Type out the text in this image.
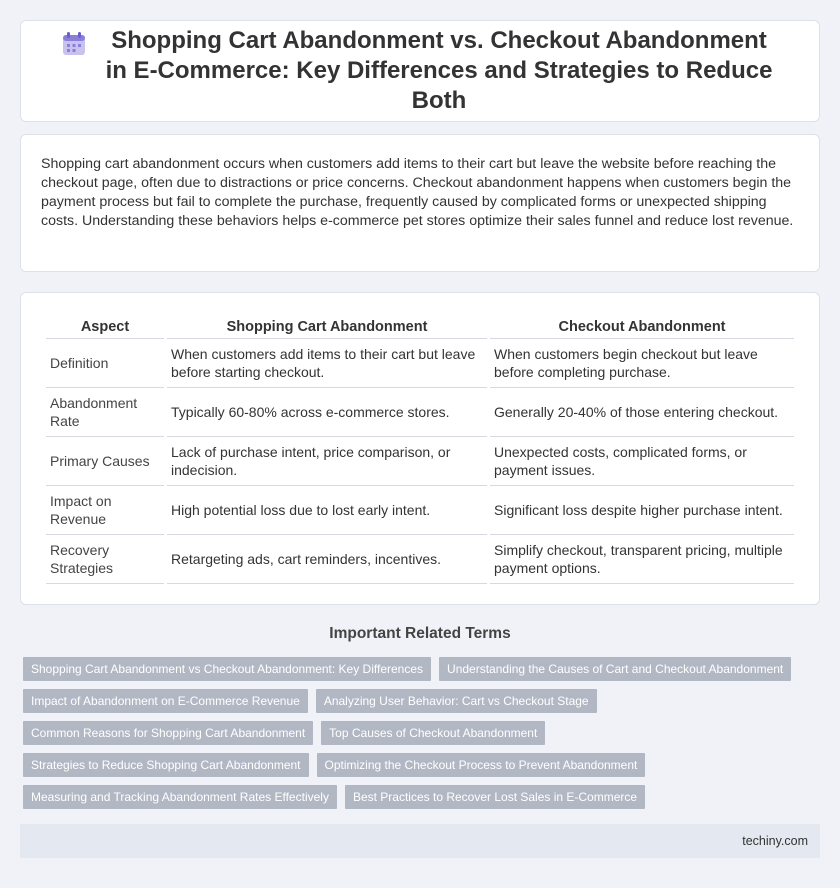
Shopping Cart Abandonment vs. Checkout Abandonment in E-Commerce: Key Differences and Strategies to Reduce Both

Shopping cart abandonment occurs when customers add items to their cart but leave the website before reaching the checkout page, often due to distractions or price concerns. Checkout abandonment happens when customers begin the payment process but fail to complete the purchase, frequently caused by complicated forms or unexpected shipping costs. Understanding these behaviors helps e-commerce pet stores optimize their sales funnel and reduce lost revenue.

Aspect	Shopping Cart Abandonment	Checkout Abandonment
Definition	When customers add items to their cart but leave before starting checkout.	When customers begin checkout but leave before completing purchase.
Abandonment Rate	Typically 60-80% across e-commerce stores.	Generally 20-40% of those entering checkout.
Primary Causes	Lack of purchase intent, price comparison, or indecision.	Unexpected costs, complicated forms, or payment issues.
Impact on Revenue	High potential loss due to lost early intent.	Significant loss despite higher purchase intent.
Recovery Strategies	Retargeting ads, cart reminders, incentives.	Simplify checkout, transparent pricing, multiple payment options.
Important Related Terms
Shopping Cart Abandonment vs Checkout Abandonment: Key Differences	Understanding the Causes of Cart and Checkout Abandonment
Impact of Abandonment on E-Commerce Revenue	Analyzing User Behavior: Cart vs Checkout Stage
Common Reasons for Shopping Cart Abandonment	Top Causes of Checkout Abandonment
Strategies to Reduce Shopping Cart Abandonment	Optimizing the Checkout Process to Prevent Abandonment
Measuring and Tracking Abandonment Rates Effectively	Best Practices to Recover Lost Sales in E-Commerce
techiny.com
